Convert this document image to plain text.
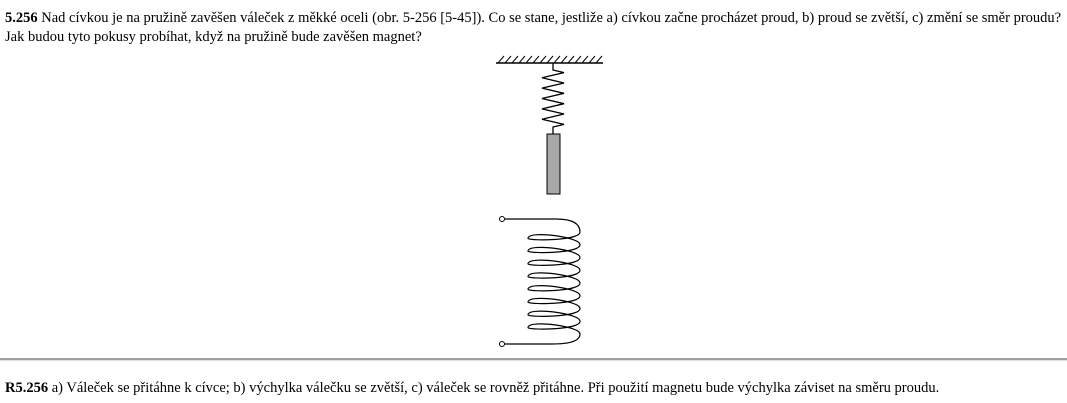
5.256 Nad cívkou je na pružině zavěšen váleček z měkké oceli (obr. 5-256 [5-45]). Co se stane, jestliže a) cívkou začne procházet proud, b) proud se zvětší, c) změní se směr proudu? Jak budou tyto pokusy probíhat, když na pružině bude zavěšen magnet?
R5.256 a) Váleček se přitáhne k cívce; b) výchylka válečku se zvětší, c) váleček se rovněž přitáhne. Při použití magnetu bude výchylka záviset na směru proudu.
